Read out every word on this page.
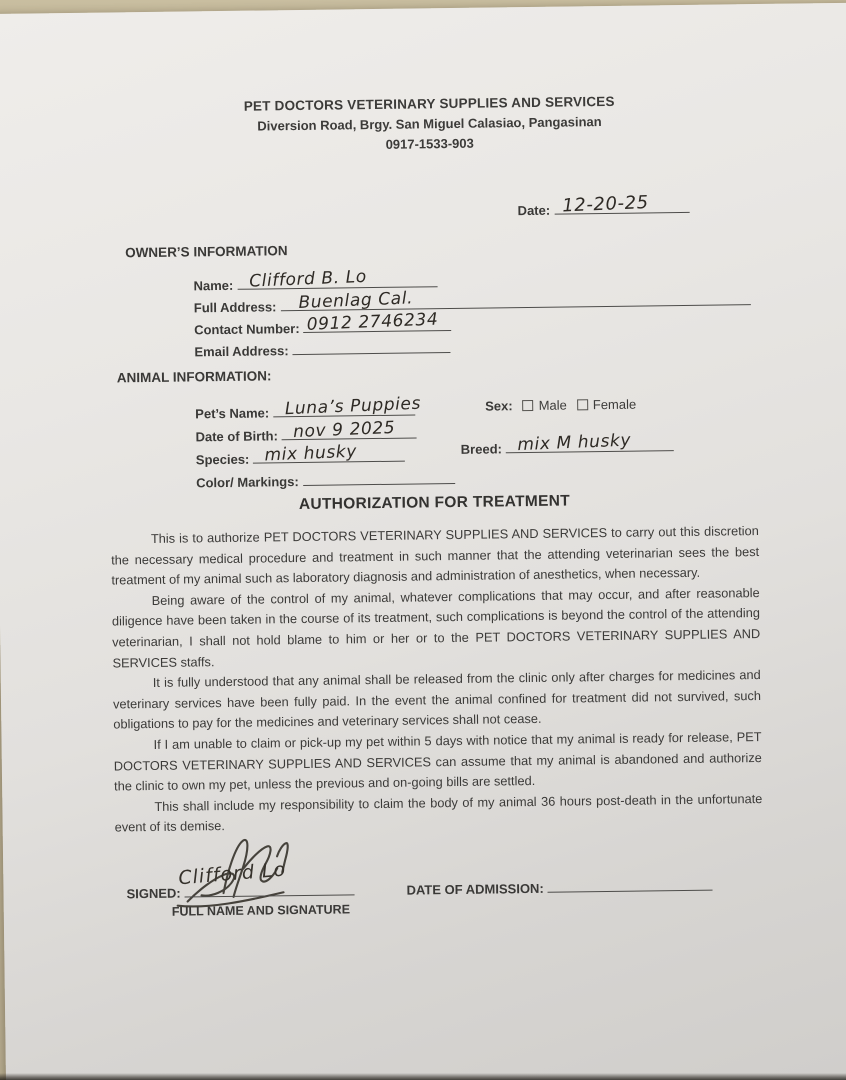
PET DOCTORS VETERINARY SUPPLIES AND SERVICES
Diversion Road, Brgy. San Miguel Calasiao, Pangasinan
0917-1533-903
Date: 12-20-25
OWNER’S INFORMATION
Name: Clifford B. Lo
Full Address: Buenlag Cal.
Contact Number: 0912 2746234
Email Address:
ANIMAL INFORMATION:
Pet’s Name: Luna’s Puppies	Sex: Male Female
Date of Birth: nov 9 2025
Breed: mix M husky
Species: mix husky
Color/ Markings:
AUTHORIZATION FOR TREATMENT

This is to authorize PET DOCTORS VETERINARY SUPPLIES AND SERVICES to carry out this discretion the necessary medical procedure and treatment in such manner that the attending veterinarian sees the best treatment of my animal such as laboratory diagnosis and administration of anesthetics, when necessary.

Being aware of the control of my animal, whatever complications that may occur, and after reasonable diligence have been taken in the course of its treatment, such complications is beyond the control of the attending veterinarian, I shall not hold blame to him or her or to the PET DOCTORS VETERINARY SUPPLIES AND SERVICES staffs.

It is fully understood that any animal shall be released from the clinic only after charges for medicines and veterinary services have been fully paid. In the event the animal confined for treatment did not survived, such obligations to pay for the medicines and veterinary services shall not cease.

If I am unable to claim or pick-up my pet within 5 days with notice that my animal is ready for release, PET DOCTORS VETERINARY SUPPLIES AND SERVICES can assume that my animal is abandoned and authorize the clinic to own my pet, unless the previous and on-going bills are settled.

This shall include my responsibility to claim the body of my animal 36 hours post-death in the unfortunate event of its demise.

Clifford Lo
SIGNED:
FULL NAME AND SIGNATURE
DATE OF ADMISSION:
